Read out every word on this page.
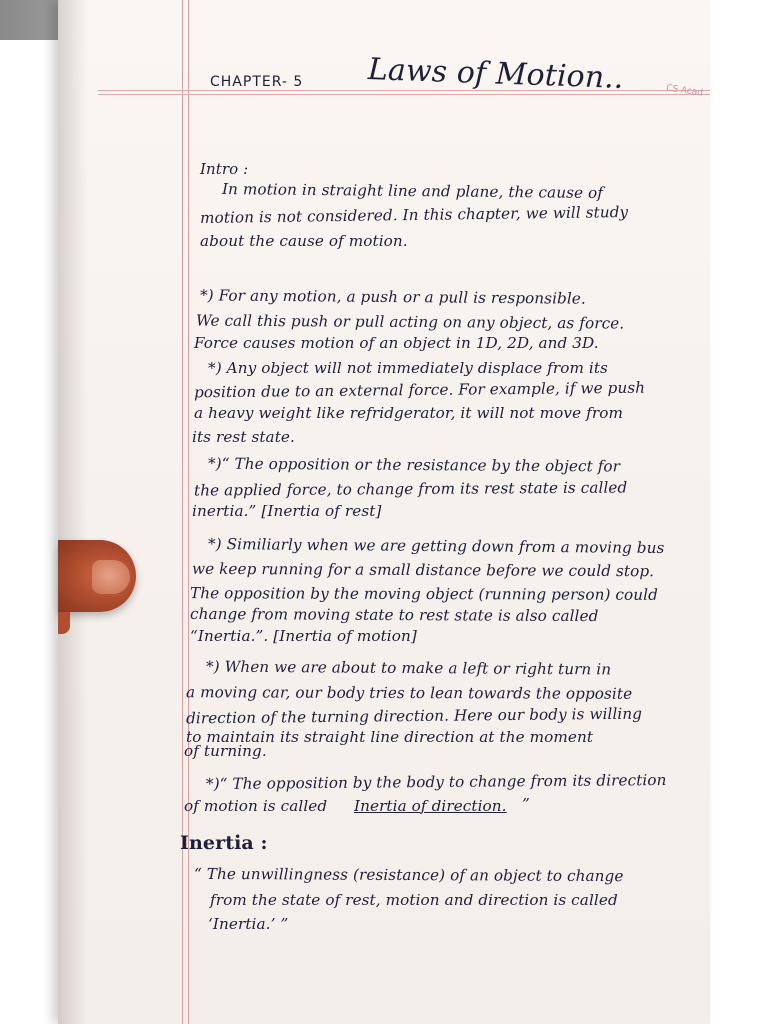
CHAPTER- 5 Laws of Motion..	CS Acad
Intro :
In motion in straight line and plane, the cause of
motion is not considered. In this chapter, we will study
about the cause of motion.
*) For any motion, a push or a pull is responsible.
We call this push or pull acting on any object, as force.
Force causes motion of an object in 1D, 2D, and 3D.
*) Any object will not immediately displace from its
position due to an external force. For example, if we push
a heavy weight like refridgerator, it will not move from
its rest state.
*)“ The opposition or the resistance by the object for
the applied force, to change from its rest state is called
inertia.” [Inertia of rest]
*) Similiarly when we are getting down from a moving bus
we keep running for a small distance before we could stop.
The opposition by the moving object (running person) could
change from moving state to rest state is also called
“Inertia.”. [Inertia of motion]
*) When we are about to make a left or right turn in
a moving car, our body tries to lean towards the opposite
direction of the turning direction. Here our body is willing
to maintain its straight line direction at the moment
of turning.
*)“ The opposition by the body to change from its direction
of motion is called Inertia of direction. ”
Inertia :
“ The unwillingness (resistance) of an object to change
from the state of rest, motion and direction is called
‘Inertia.’ ”
